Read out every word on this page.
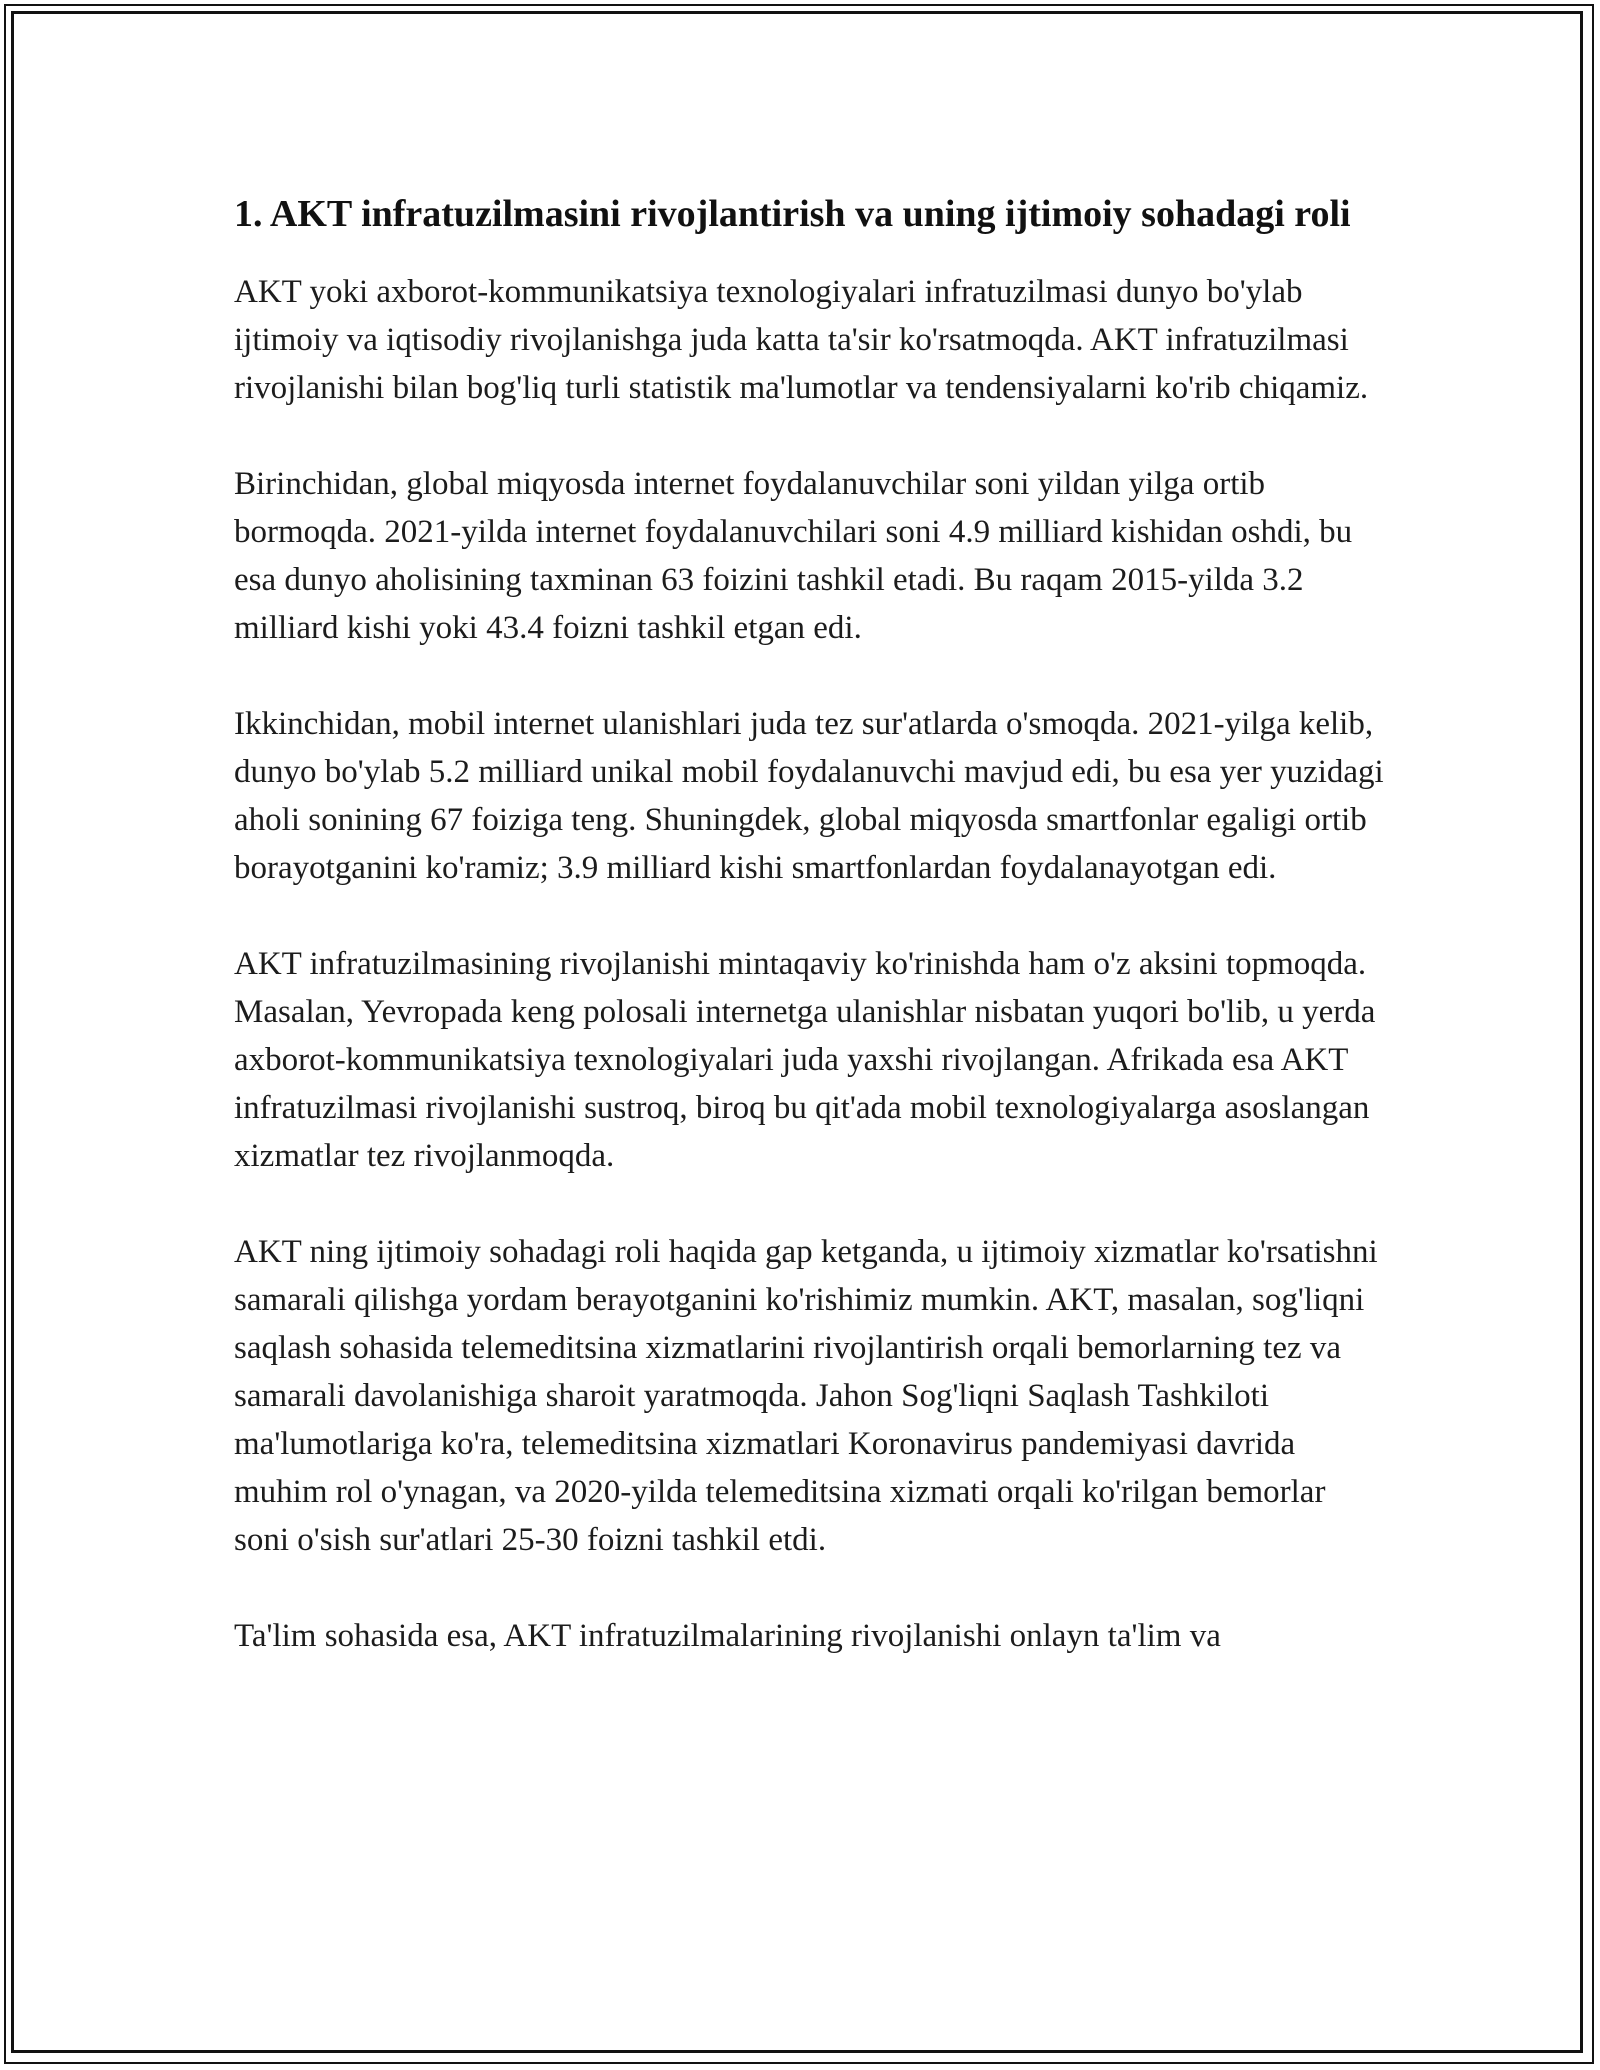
1. AKT infratuzilmasini rivojlantirish va uning ijtimoiy sohadagi roli

AKT yoki axborot-kommunikatsiya texnologiyalari infratuzilmasi dunyo bo'ylab ijtimoiy va iqtisodiy rivojlanishga juda katta ta'sir ko'rsatmoqda. AKT infratuzilmasi rivojlanishi bilan bog'liq turli statistik ma'lumotlar va tendensiyalarni ko'rib chiqamiz.

Birinchidan, global miqyosda internet foydalanuvchilar soni yildan yilga ortib bormoqda. 2021-yilda internet foydalanuvchilari soni 4.9 milliard kishidan oshdi, bu esa dunyo aholisining taxminan 63 foizini tashkil etadi. Bu raqam 2015-yilda 3.2 milliard kishi yoki 43.4 foizni tashkil etgan edi.

Ikkinchidan, mobil internet ulanishlari juda tez sur'atlarda o'smoqda. 2021-yilga kelib, dunyo bo'ylab 5.2 milliard unikal mobil foydalanuvchi mavjud edi, bu esa yer yuzidagi aholi sonining 67 foiziga teng. Shuningdek, global miqyosda smartfonlar egaligi ortib borayotganini ko'ramiz; 3.9 milliard kishi smartfonlardan foydalanayotgan edi.

AKT infratuzilmasining rivojlanishi mintaqaviy ko'rinishda ham o'z aksini topmoqda. Masalan, Yevropada keng polosali internetga ulanishlar nisbatan yuqori bo'lib, u yerda axborot-kommunikatsiya texnologiyalari juda yaxshi rivojlangan. Afrikada esa AKT infratuzilmasi rivojlanishi sustroq, biroq bu qit'ada mobil texnologiyalarga asoslangan xizmatlar tez rivojlanmoqda.

AKT ning ijtimoiy sohadagi roli haqida gap ketganda, u ijtimoiy xizmatlar ko'rsatishni samarali qilishga yordam berayotganini ko'rishimiz mumkin. AKT, masalan, sog'liqni saqlash sohasida telemeditsina xizmatlarini rivojlantirish orqali bemorlarning tez va samarali davolanishiga sharoit yaratmoqda. Jahon Sog'liqni Saqlash Tashkiloti ma'lumotlariga ko'ra, telemeditsina xizmatlari Koronavirus pandemiyasi davrida muhim rol o'ynagan, va 2020-yilda telemeditsina xizmati orqali ko'rilgan bemorlar soni o'sish sur'atlari 25-30 foizni tashkil etdi.

Ta'lim sohasida esa, AKT infratuzilmalarining rivojlanishi onlayn ta'lim va
